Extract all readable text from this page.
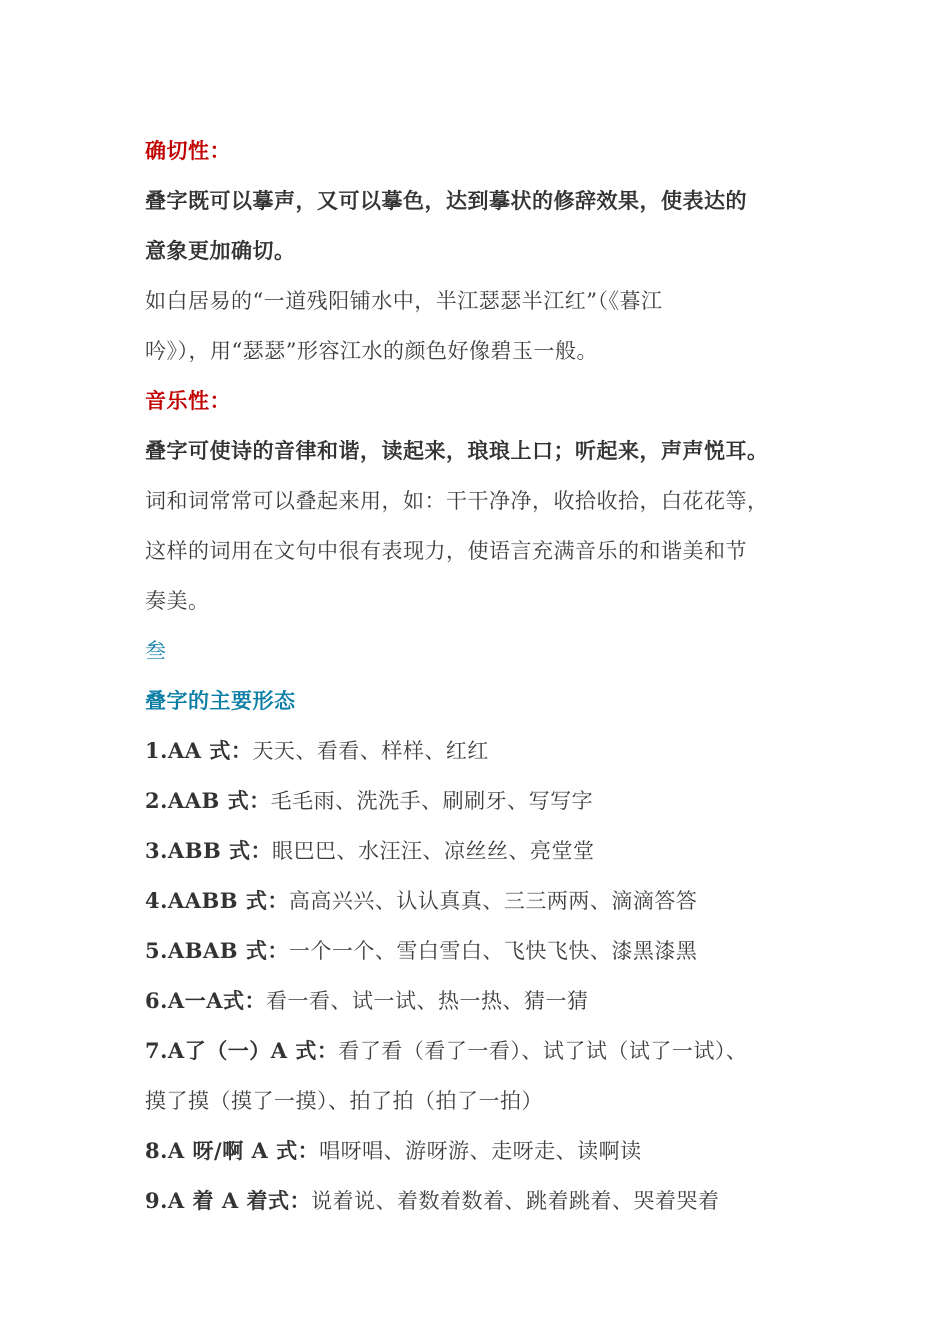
确切性：
叠字既可以摹声，又可以摹色，达到摹状的修辞效果，使表达的
意象更加确切。
如白居易的“一道残阳铺水中，半江瑟瑟半江红”（《暮江
吟》），用“瑟瑟”形容江水的颜色好像碧玉一般。
音乐性：
叠字可使诗的音律和谐，读起来，琅琅上口；听起来，声声悦耳。
词和词常常可以叠起来用，如：干干净净，收拾收拾，白花花等，
这样的词用在文句中很有表现力，使语言充满音乐的和谐美和节
奏美。
叁
叠字的主要形态
1.AA 式：天天、看看、样样、红红
2.AAB 式：毛毛雨、洗洗手、刷刷牙、写写字
3.ABB 式：眼巴巴、水汪汪、凉丝丝、亮堂堂
4.AABB 式：高高兴兴、认认真真、三三两两、滴滴答答
5.ABAB 式：一个一个、雪白雪白、飞快飞快、漆黑漆黑
6.A一A式：看一看、试一试、热一热、猜一猜
7.A了（一）A 式：看了看（看了一看）、试了试（试了一试）、
摸了摸（摸了一摸）、拍了拍（拍了一拍）
8.A 呀/啊 A 式：唱呀唱、游呀游、走呀走、读啊读
9.A 着 A 着式：说着说、着数着数着、跳着跳着、哭着哭着
